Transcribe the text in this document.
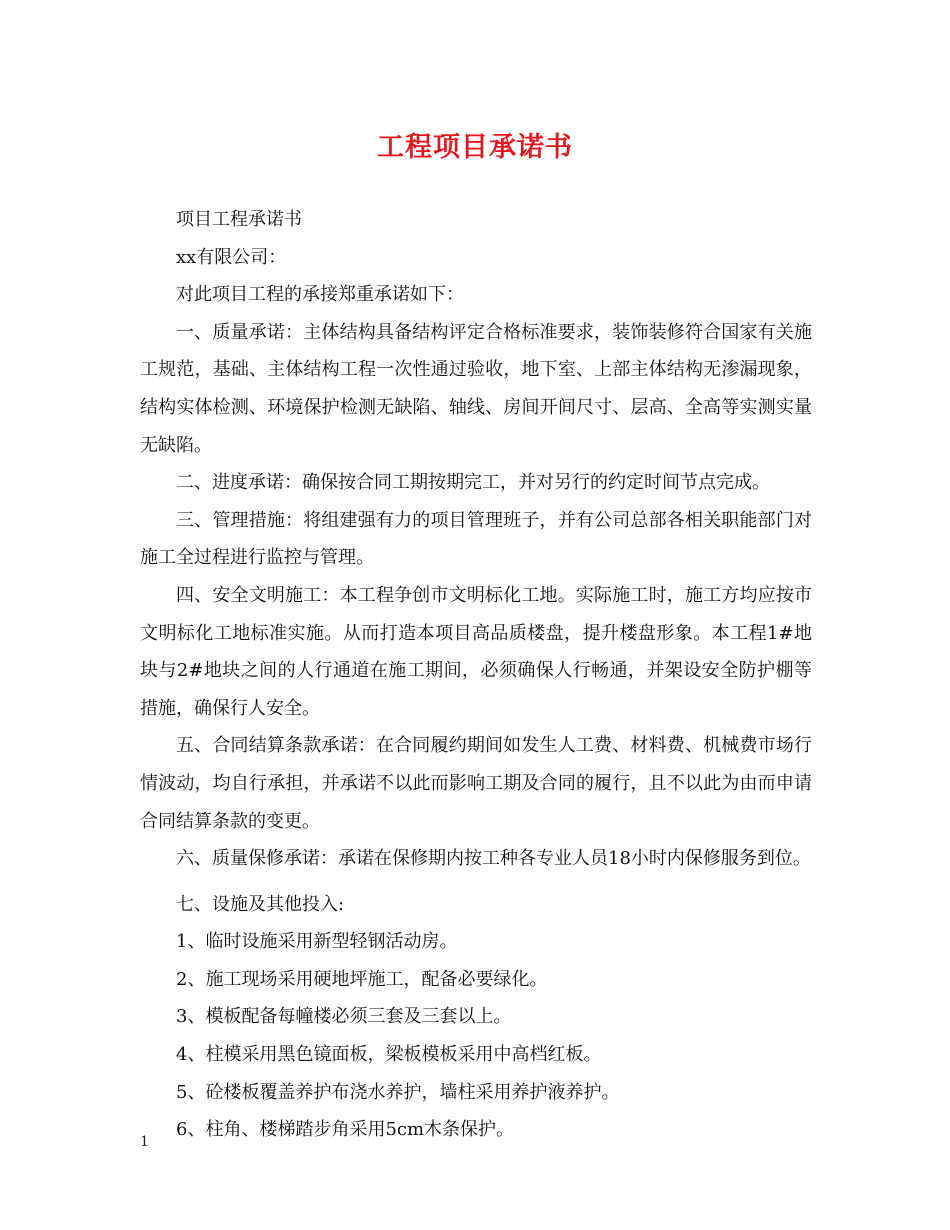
工程项目承诺书

项目工程承诺书

xx有限公司：

对此项目工程的承接郑重承诺如下：

一、质量承诺：主体结构具备结构评定合格标准要求，装饰装修符合国家有关施工规范，基础、主体结构工程一次性通过验收，地下室、上部主体结构无渗漏现象，结构实体检测、环境保护检测无缺陷、轴线、房间开间尺寸、层高、全高等实测实量无缺陷。

二、进度承诺：确保按合同工期按期完工，并对另行的约定时间节点完成。

三、管理措施：将组建强有力的项目管理班子，并有公司总部各相关职能部门对施工全过程进行监控与管理。

四、安全文明施工：本工程争创市文明标化工地。实际施工时，施工方均应按市文明标化工地标准实施。从而打造本项目高品质楼盘，提升楼盘形象。本工程1#地块与2#地块之间的人行通道在施工期间，必须确保人行畅通，并架设安全防护棚等措施，确保行人安全。

五、合同结算条款承诺：在合同履约期间如发生人工费、材料费、机械费市场行情波动，均自行承担，并承诺不以此而影响工期及合同的履行，且不以此为由而申请合同结算条款的变更。

六、质量保修承诺：承诺在保修期内按工种各专业人员18小时内保修服务到位。

七、设施及其他投入:

1、临时设施采用新型轻钢活动房。

2、施工现场采用硬地坪施工，配备必要绿化。

3、模板配备每幢楼必须三套及三套以上。

4、柱模采用黑色镜面板，梁板模板采用中高档红板。

5、砼楼板覆盖养护布浇水养护，墙柱采用养护液养护。

6、柱角、楼梯踏步角采用5cm木条保护。

1
